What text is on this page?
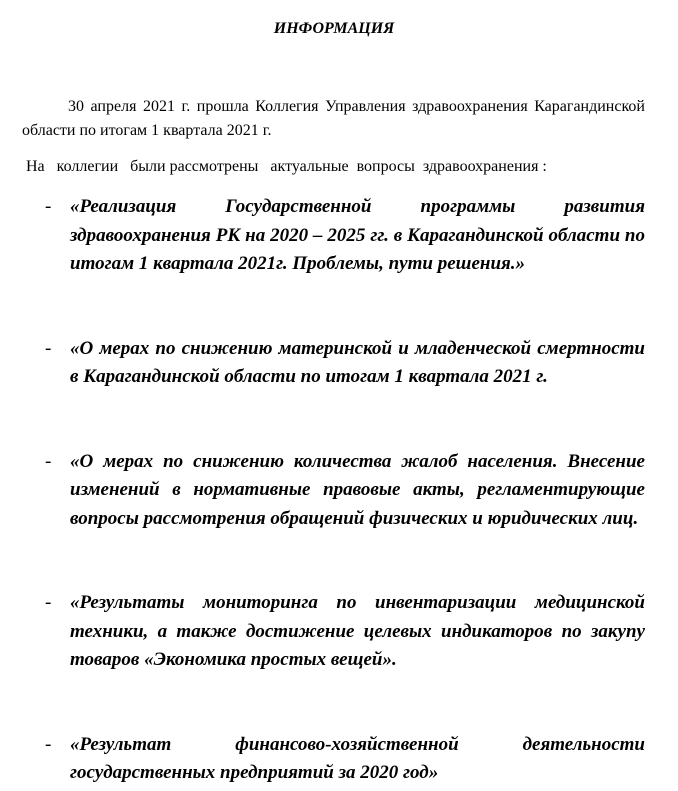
ИНФОРМАЦИЯ

30 апреля 2021 г. прошла Коллегия Управления здравоохранения Карагандинской области по итогам 1 квартала 2021 г.

На   коллегии   были рассмотрены   актуальные  вопросы  здравоохранения :

- «Реализация Государственной программы развития здравоохранения РК на 2020 – 2025 гг. в Карагандинской области по итогам 1 квартала 2021г. Проблемы, пути решения.»
- «О мерах по снижению материнской и младенческой смертности в Карагандинской области по итогам 1 квартала 2021 г.
- «О мерах по снижению количества жалоб населения. Внесение изменений в нормативные правовые акты, регламентирующие вопросы рассмотрения обращений физических и юридических лиц.
- «Результаты мониторинга по инвентаризации медицинской техники, а также достижение целевых индикаторов по закупу товаров «Экономика простых вещей».
- «Результат финансово-хозяйственной деятельности государственных предприятий за 2020 год»
